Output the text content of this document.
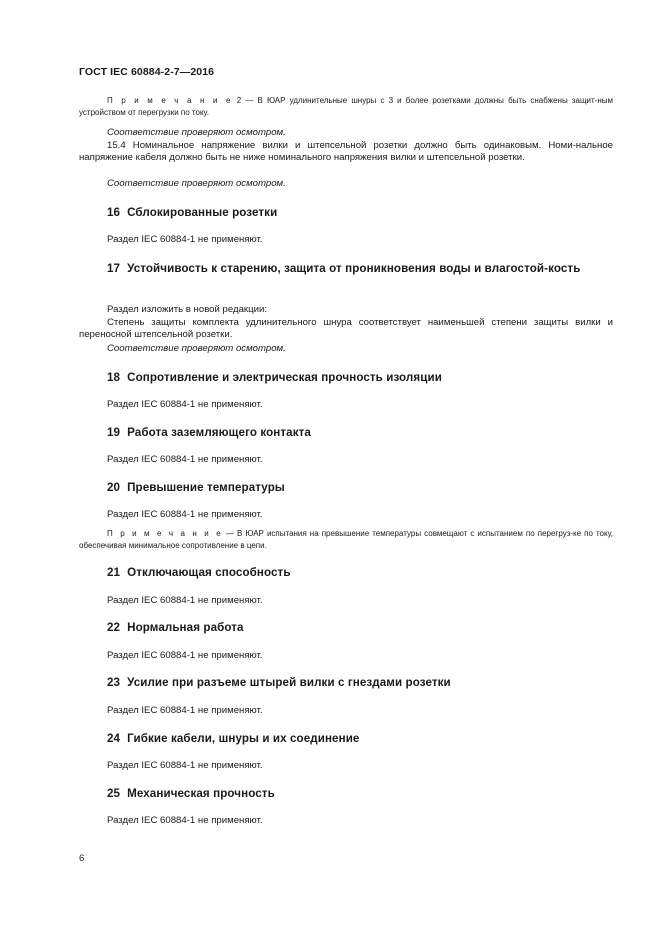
ГОСТ IEC 60884-2-7—2016

П р и м е ч а н и е 2 — В ЮАР удлинительные шнуры с 3 и более розетками должны быть снабжены защит-ным устройством от перегрузки по току.

Соответствие проверяют осмотром.

15.4 Номинальное напряжение вилки и штепсельной розетки должно быть одинаковым. Номи-нальное напряжение кабеля должно быть не ниже номинального напряжения вилки и штепсельной розетки.

Соответствие проверяют осмотром.

16 Сблокированные розетки

Раздел IEC 60884-1 не применяют.

17 Устойчивость к старению, защита от проникновения воды и влагостой-кость

Раздел изложить в новой редакции:

Степень защиты комплекта удлинительного шнура соответствует наименьшей степени защиты вилки и переносной штепсельной розетки.

Соответствие проверяют осмотром.

18 Сопротивление и электрическая прочность изоляции

Раздел IEC 60884-1 не применяют.

19 Работа заземляющего контакта

Раздел IEC 60884-1 не применяют.

20 Превышение температуры

Раздел IEC 60884-1 не применяют.

П р и м е ч а н и е — В ЮАР испытания на превышение температуры совмещают с испытанием по перегруз-ке по току, обеспечивая минимальное сопротивление в цепи.

21 Отключающая способность

Раздел IEC 60884-1 не применяют.

22 Нормальная работа

Раздел IEC 60884-1 не применяют.

23 Усилие при разъеме штырей вилки с гнездами розетки

Раздел IEC 60884-1 не применяют.

24 Гибкие кабели, шнуры и их соединение

Раздел IEC 60884-1 не применяют.

25 Механическая прочность

Раздел IEC 60884-1 не применяют.

6
